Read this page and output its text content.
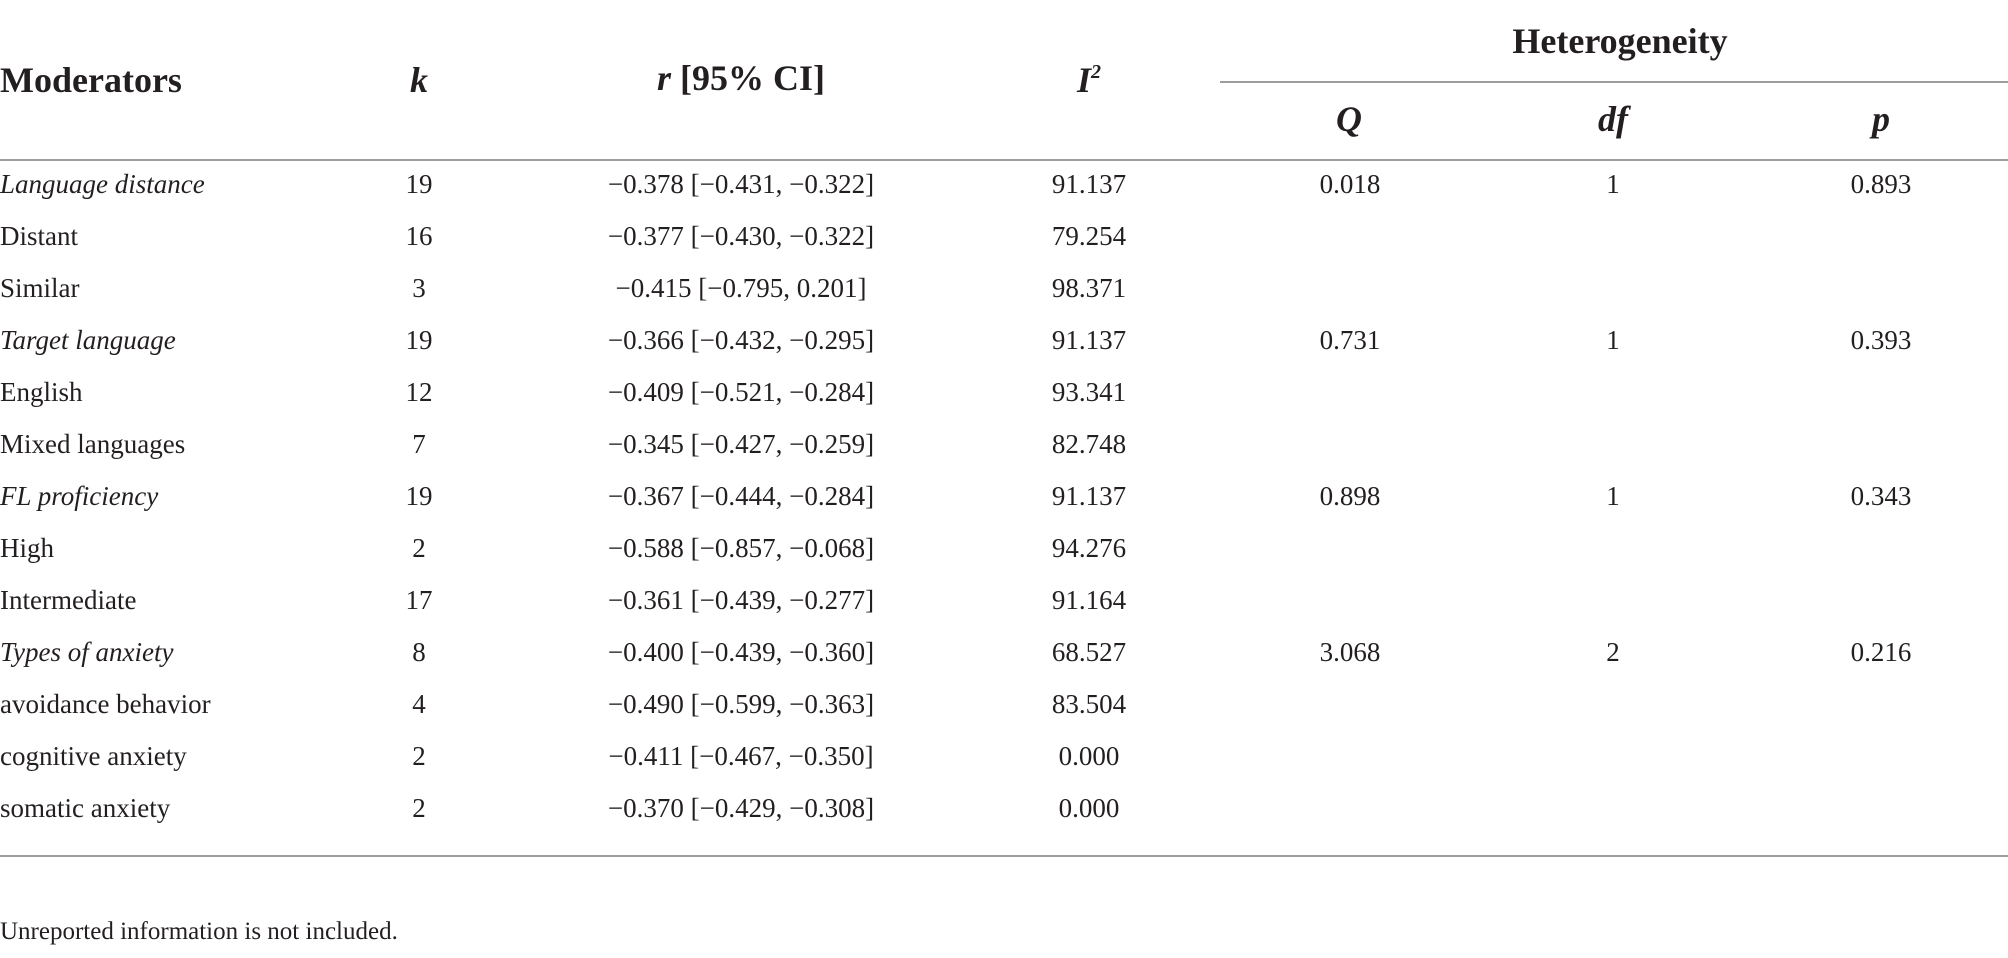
Moderators	k	r [95% CI]	$I^2$
Heterogeneity
Q	df	p
Language distance	19	−0.378 [−0.431, −0.322]	91.137	0.018	1	0.893
Distant	16	−0.377 [−0.430, −0.322]	79.254
Similar	3	−0.415 [−0.795, 0.201]	98.371
Target language	19	−0.366 [−0.432, −0.295]	91.137	0.731	1	0.393
English	12	−0.409 [−0.521, −0.284]	93.341
Mixed languages	7	−0.345 [−0.427, −0.259]	82.748
FL proficiency	19	−0.367 [−0.444, −0.284]	91.137	0.898	1	0.343
High	2	−0.588 [−0.857, −0.068]	94.276
Intermediate	17	−0.361 [−0.439, −0.277]	91.164
Types of anxiety	8	−0.400 [−0.439, −0.360]	68.527	3.068	2	0.216
avoidance behavior	4	−0.490 [−0.599, −0.363]	83.504
cognitive anxiety	2	−0.411 [−0.467, −0.350]	0.000
somatic anxiety	2	−0.370 [−0.429, −0.308]	0.000
Unreported information is not included.
